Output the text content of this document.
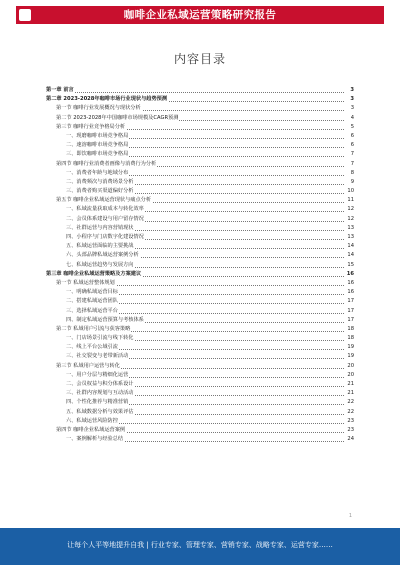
咖啡企业私域运营策略研究报告
内容目录
第一章 前言	3
第二章 2023-2028年咖啡市场行业现状与趋势预测	3
第一节 咖啡行业发展概况与现状分析	3
第二节 2023-2028年中国咖啡市场规模及CAGR预测	4
第三节 咖啡行业竞争格局分析	5
一、现磨咖啡市场竞争格局	6
二、速溶咖啡市场竞争格局	6
三、即饮咖啡市场竞争格局	7
第四节 咖啡行业消费者画像与消费行为分析	7
一、消费者年龄与地域分布	8
二、消费频次与消费场景分析	9
三、消费者购买渠道偏好分析	10
第五节 咖啡企业私域运营现状与痛点分析	11
一、私域流量获取成本与转化效率	12
二、会员体系建设与用户留存情况	12
三、社群运营与内容营销现状	13
四、小程序与门店数字化建设情况	13
五、私域运营面临的主要挑战	14
六、头部品牌私域运营案例分析	14
七、私域运营趋势与发展方向	15
第三章 咖啡企业私域运营策略及方案建议	16
第一节 私域运营整体规划	16
一、明确私域运营目标	16
二、搭建私域运营团队	17
三、选择私域运营平台	17
四、制定私域运营预算与考核体系	17
第二节 私域用户引流与获客策略	18
一、门店场景引流与线下转化	18
二、线上平台公域引流	19
三、社交裂变与老带新活动	19
第三节 私域用户运营与转化	20
一、用户分层与精细化运营	20
二、会员权益与积分体系设计	21
三、社群内容规划与互动活动	21
四、个性化推荐与精准营销	22
五、私域数据分析与效果评估	22
六、私域运营风险防控	23
第四节 咖啡企业私域运营案例	23
一、案例解析与经验总结	24
1
让每个人平等地提升自我 | 行业专家、管理专家、营销专家、战略专家、运营专家……
